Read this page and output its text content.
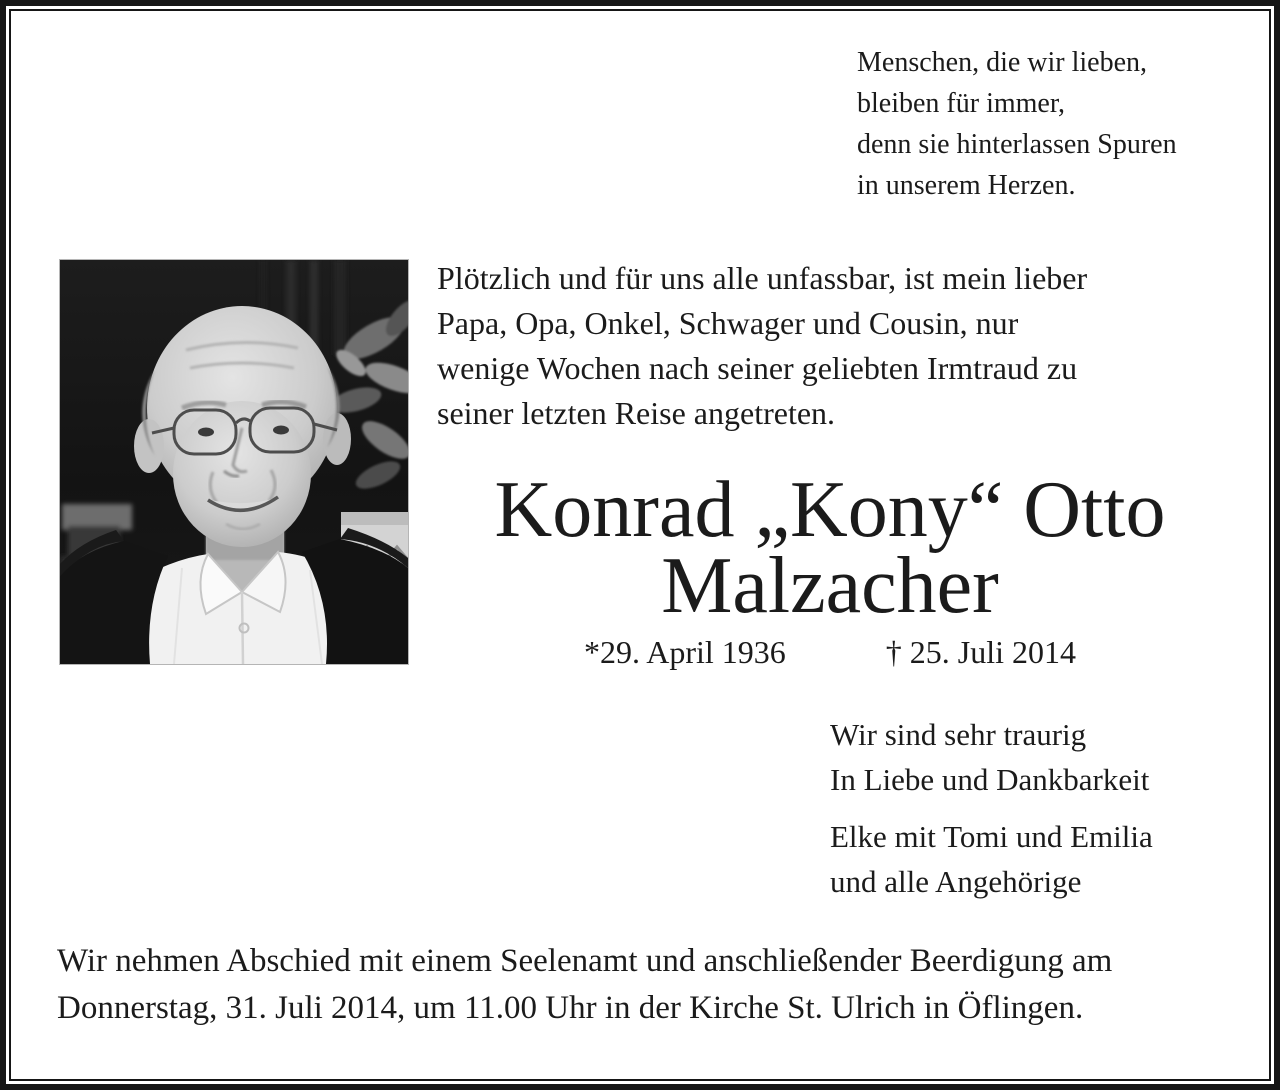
Menschen, die wir lieben,
bleiben für immer,
denn sie hinterlassen Spuren
in unserem Herzen.
Plötzlich und für uns alle unfassbar, ist mein lieber
Papa, Opa, Onkel, Schwager und Cousin, nur
wenige Wochen nach seiner geliebten Irmtraud zu
seiner letzten Reise angetreten.
Konrad „Kony“ Otto
Malzacher
*29. April 1936	† 25. Juli 2014
Wir sind sehr traurig
In Liebe und Dankbarkeit
Elke mit Tomi und Emilia
und alle Angehörige
Wir nehmen Abschied mit einem Seelenamt und anschließender Beerdigung am
Donnerstag, 31. Juli 2014, um 11.00 Uhr in der Kirche St. Ulrich in Öflingen.
